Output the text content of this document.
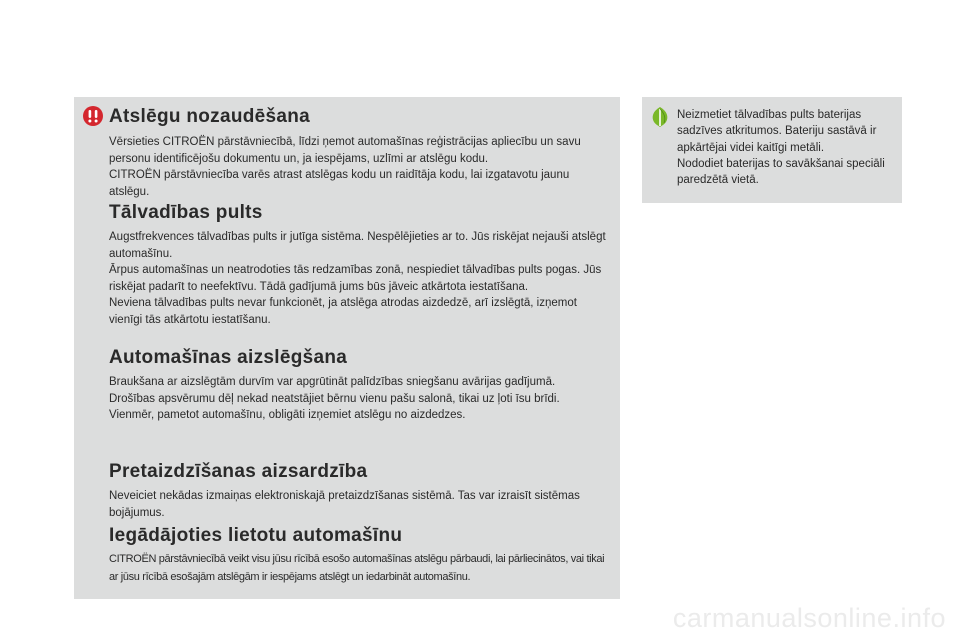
Atslēgu nozaudēšana

Vērsieties CITROËN pārstāvniecībā, līdzi ņemot automašīnas reģistrācijas apliecību un savu personu identificējošu dokumentu un, ja iespējams, uzlīmi ar atslēgu kodu.

CITROËN pārstāvniecība varēs atrast atslēgas kodu un raidītāja kodu, lai izgatavotu jaunu atslēgu.

Tālvadības pults

Augstfrekvences tālvadības pults ir jutīga sistēma. Nespēlējieties ar to. Jūs riskējat nejauši atslēgt automašīnu.

Ārpus automašīnas un neatrodoties tās redzamības zonā, nespiediet tālvadības pults pogas. Jūs riskējat padarīt to neefektīvu. Tādā gadījumā jums būs jāveic atkārtota iestatīšana.

Neviena tālvadības pults nevar funkcionēt, ja atslēga atrodas aizdedzē, arī izslēgtā, izņemot vienīgi tās atkārtotu iestatīšanu.

Automašīnas aizslēgšana

Braukšana ar aizslēgtām durvīm var apgrūtināt palīdzības sniegšanu avārijas gadījumā.

Drošības apsvērumu dēļ nekad neatstājiet bērnu vienu pašu salonā, tikai uz ļoti īsu brīdi.

Vienmēr, pametot automašīnu, obligāti izņemiet atslēgu no aizdedzes.

Pretaizdzīšanas aizsardzība

Neveiciet nekādas izmaiņas elektroniskajā pretaizdzīšanas sistēmā. Tas var izraisīt sistēmas bojājumus.

Iegādājoties lietotu automašīnu

CITROËN pārstāvniecībā veikt visu jūsu rīcībā esošo automašīnas atslēgu pārbaudi, lai pārliecinātos, vai tikai ar jūsu rīcībā esošajām atslēgām ir iespējams atslēgt un iedarbināt automašīnu.

Neizmetiet tālvadības pults baterijas sadzīves atkritumos. Bateriju sastāvā ir apkārtējai videi kaitīgi metāli.

Nododiet baterijas to savākšanai speciāli paredzētā vietā.

carmanualsonline.info
